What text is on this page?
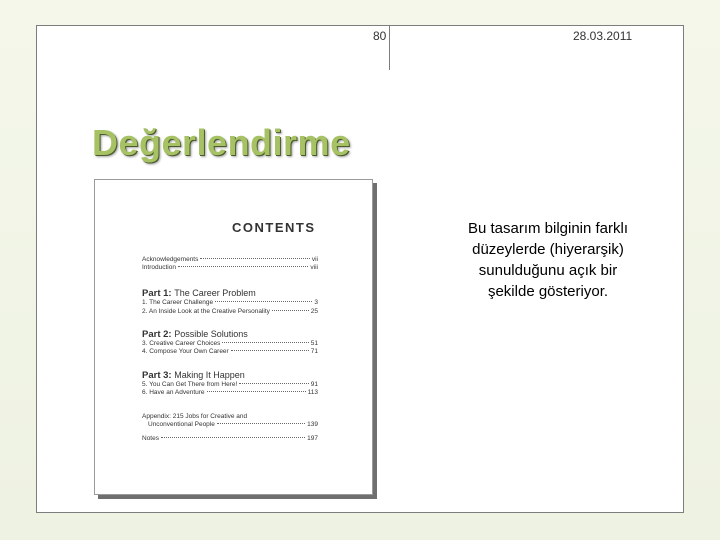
80	28.03.2011
Değerlendirme
CONTENTS
Acknowledgements	vii
Introduction	viii
Part 1: The Career Problem
1. The Career Challenge	3
2. An Inside Look at the Creative Personality	25
Part 2: Possible Solutions
3. Creative Career Choices	51
4. Compose Your Own Career	71
Part 3: Making It Happen
5. You Can Get There from Here!	91
6. Have an Adventure	113
Appendix: 215 Jobs for Creative and
Unconventional People	139
Notes	197
Bu tasarım bilginin farklı düzeylerde (hiyerarşik) sunulduğunu açık bir şekilde gösteriyor.
